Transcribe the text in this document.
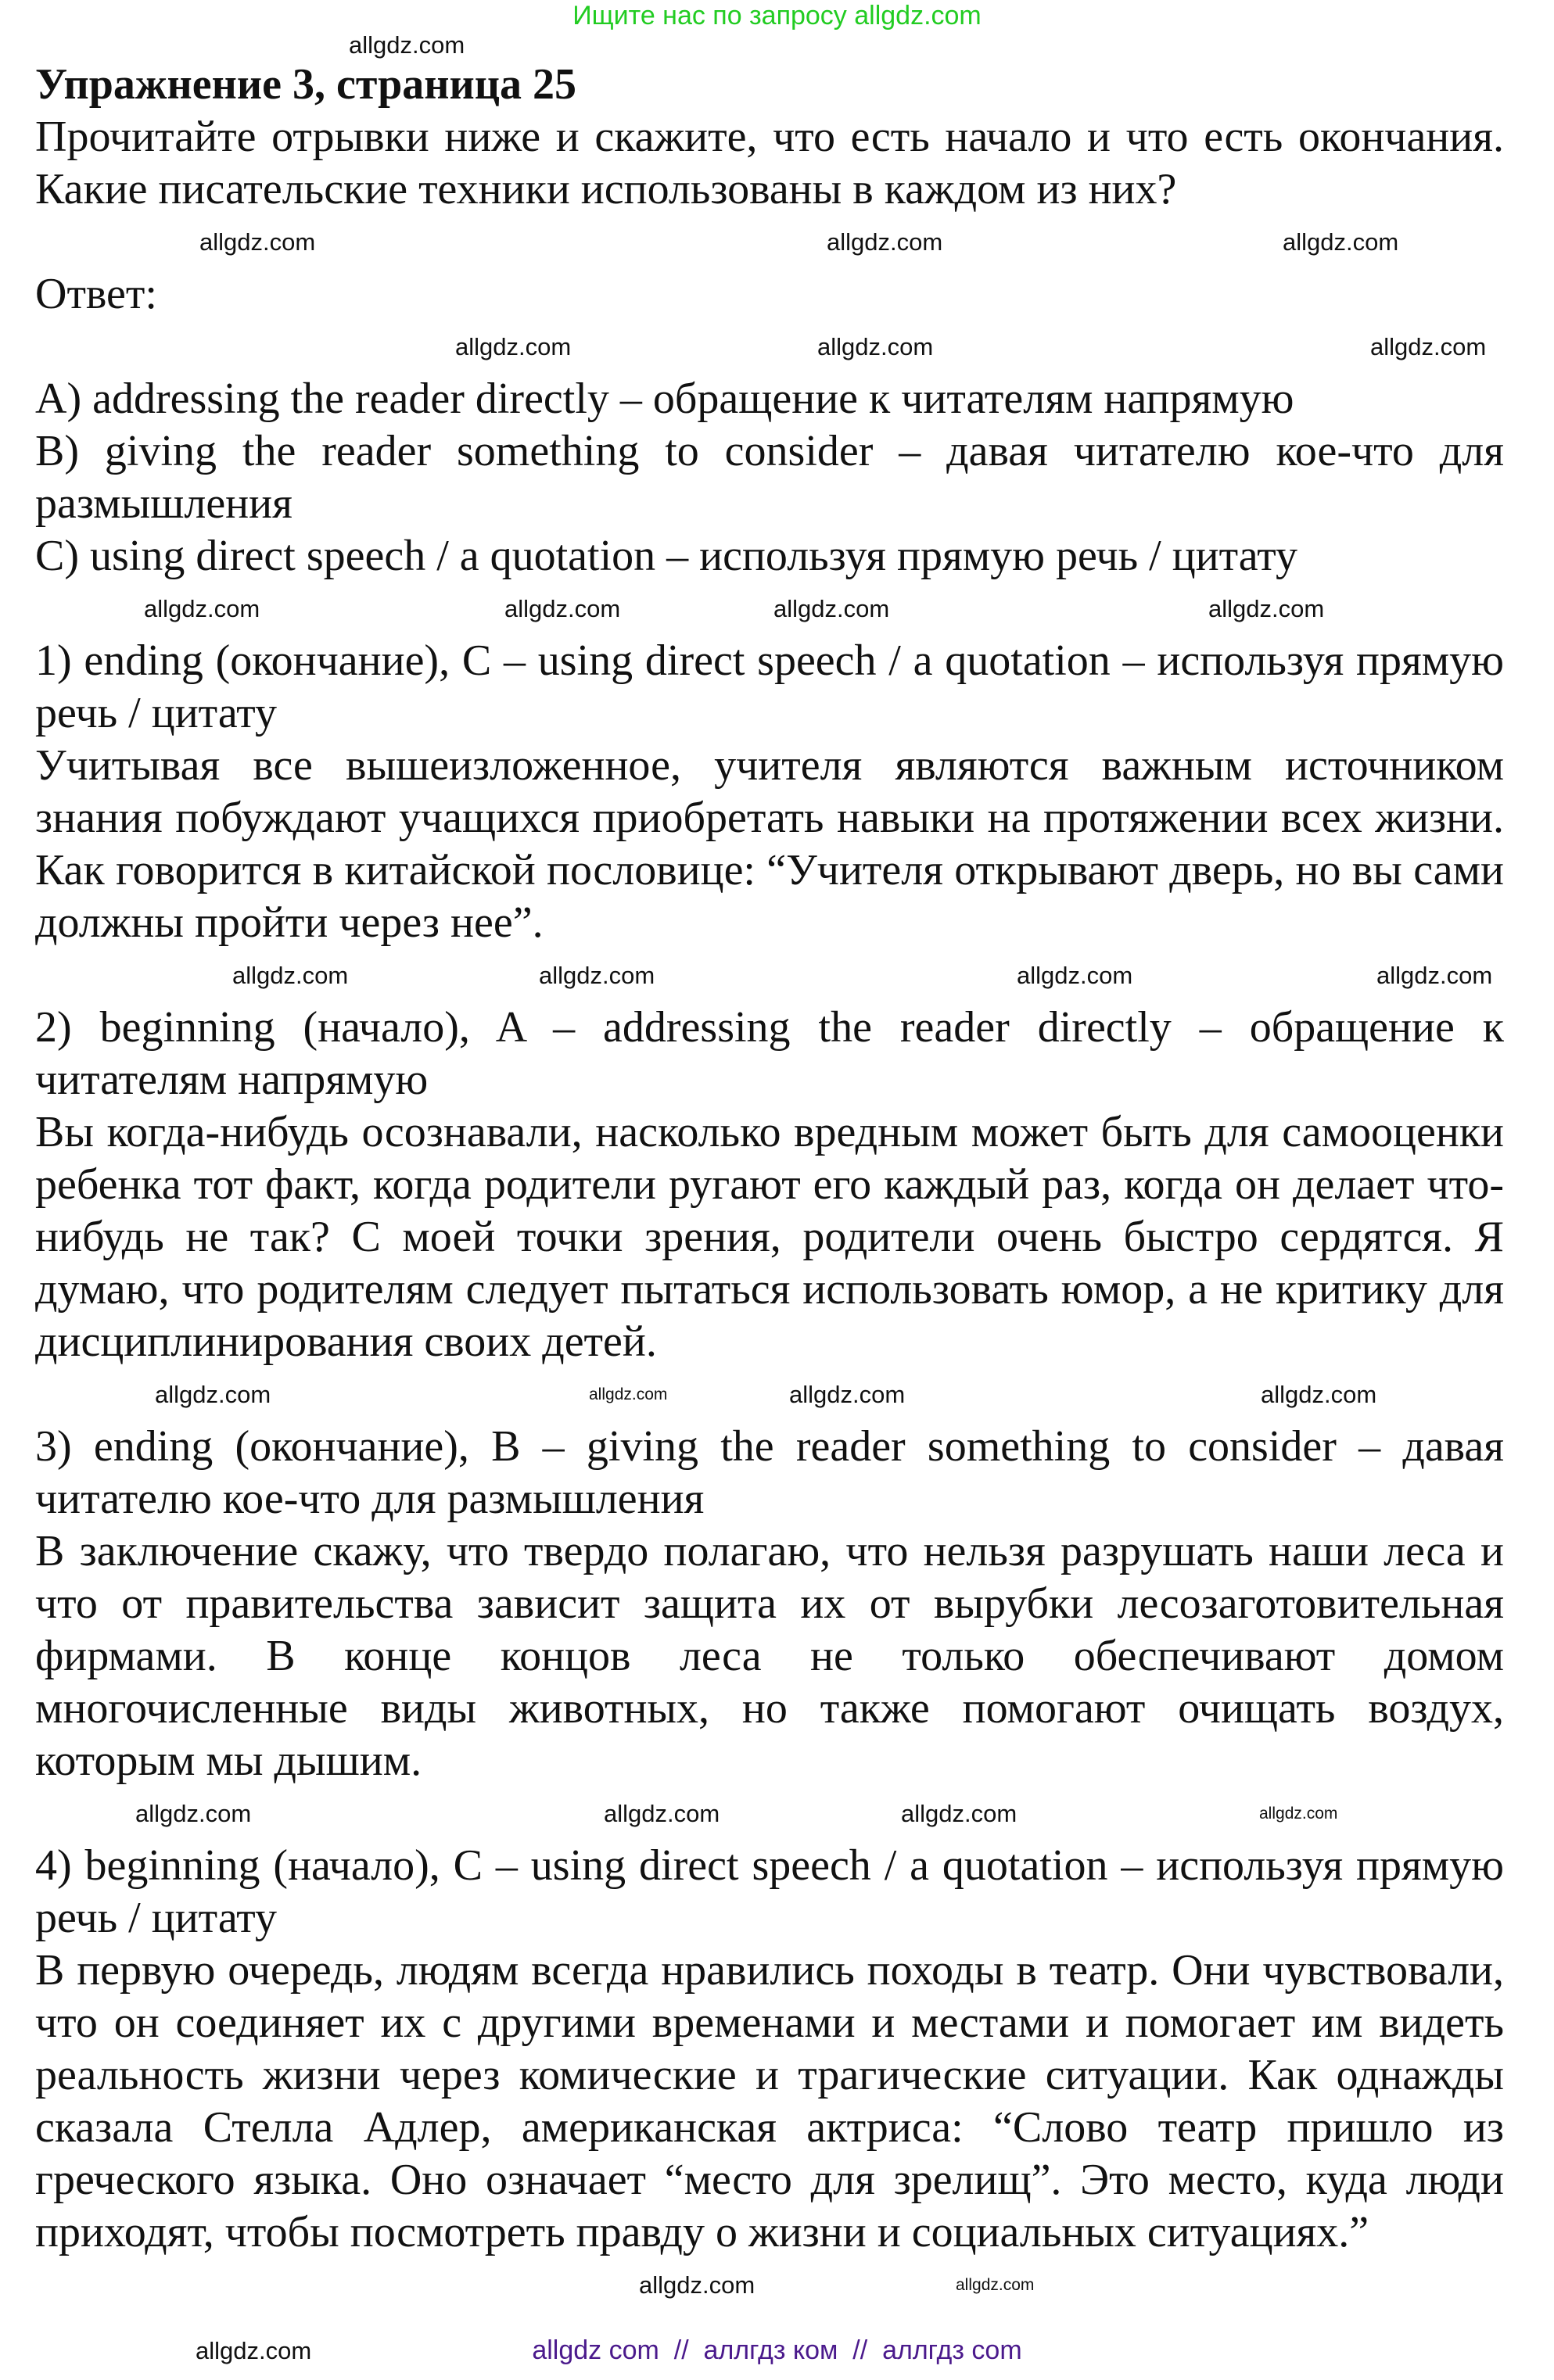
Ищите нас по запросу allgdz.com
allgdz.com

Упражнение 3, страница 25

Прочитайте отрывки ниже и скажите, что есть начало и что есть окончания. Какие писательские техники использованы в каждом из них?

allgdz.com	allgdz.com	allgdz.com

Ответ:

allgdz.com	allgdz.com	allgdz.com

A) addressing the reader directly – обращение к читателям напрямую

B) giving the reader something to consider – давая читателю кое-что для размышления

C) using direct speech / a quotation – используя прямую речь / цитату

allgdz.com	allgdz.com	allgdz.com	allgdz.com

1) ending (окончание), C – using direct speech / a quotation – используя прямую речь / цитату

Учитывая все вышеизложенное, учителя являются важным источником знания побуждают учащихся приобретать навыки на протяжении всех жизни. Как говорится в китайской пословице: “Учителя открывают дверь, но вы сами должны пройти через нее”.

allgdz.com	allgdz.com	allgdz.com	allgdz.com

2) beginning (начало), A – addressing the reader directly – обращение к читателям напрямую

Вы когда-нибудь осознавали, насколько вредным может быть для самооценки ребенка тот факт, когда родители ругают его каждый раз, когда он делает что-нибудь не так? С моей точки зрения, родители очень быстро сердятся. Я думаю, что родителям следует пытаться использовать юмор, а не критику для дисциплинирования своих детей.

allgdz.com	allgdz.com	allgdz.com	allgdz.com

3) ending (окончание), B – giving the reader something to consider – давая читателю кое-что для размышления

В заключение скажу, что твердо полагаю, что нельзя разрушать наши леса и что от правительства зависит защита их от вырубки лесозаготовительная фирмами. В конце концов леса не только обеспечивают домом многочисленные виды животных, но также помогают очищать воздух, которым мы дышим.

allgdz.com	allgdz.com	allgdz.com	allgdz.com

4) beginning (начало), C – using direct speech / a quotation – используя прямую речь / цитату

В первую очередь, людям всегда нравились походы в театр. Они чувствовали, что он соединяет их с другими временами и местами и помогает им видеть реальность жизни через комические и трагические ситуации. Как однажды сказала Стелла Адлер, американская актриса: “Слово театр пришло из греческого языка. Оно означает “место для зрелищ”. Это место, куда люди приходят, чтобы посмотреть правду о жизни и социальных ситуациях.”

allgdz.com
allgdz.com
allgdz.com	allgdz com  //  аллгдз ком  //  аллгдз com
